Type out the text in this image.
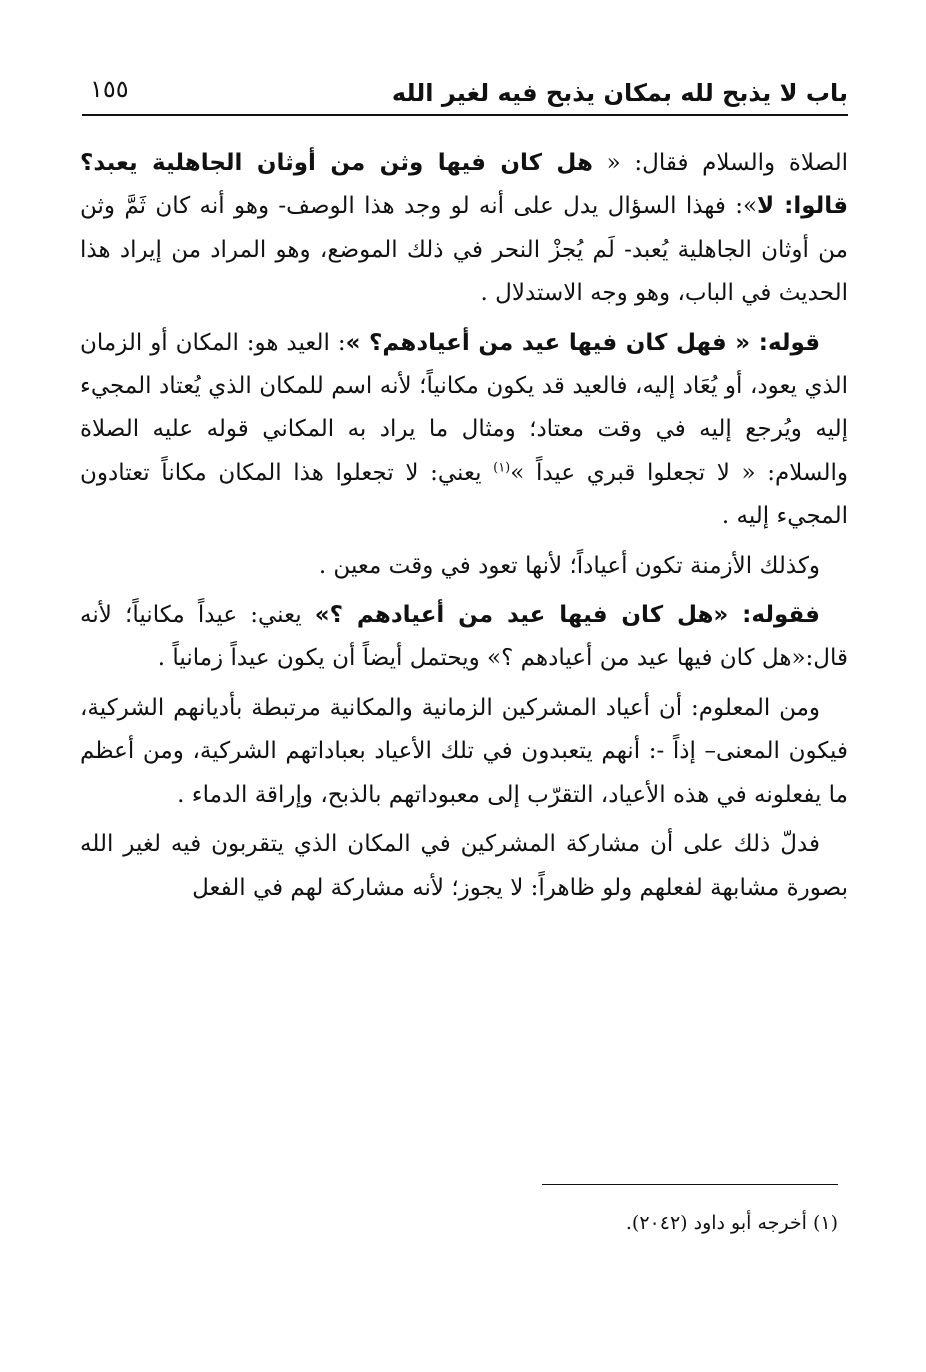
باب لا يذبح لله بمكان يذبح فيه لغير الله
١٥٥

الصلاة والسلام فقال: « هل كان فيها وثن من أوثان الجاهلية يعبد؟ قالوا: لا»: فهذا السؤال يدل على أنه لو وجد هذا الوصف- وهو أنه كان ثَمَّ وثن من أوثان الجاهلية يُعبد- لَم يُجزْ النحر في ذلك الموضع، وهو المراد من إيراد هذا الحديث في الباب، وهو وجه الاستدلال .

قوله: « فهل كان فيها عيد من أعيادهم؟ »: العيد هو: المكان أو الزمان الذي يعود، أو يُعَاد إليه، فالعيد قد يكون مكانياً؛ لأنه اسم للمكان الذي يُعتاد المجيء إليه ويُرجع إليه في وقت معتاد؛ ومثال ما يراد به المكاني قوله عليه الصلاة والسلام: « لا تجعلوا قبري عيداً »$^{(١)}$ يعني: لا تجعلوا هذا المكان مكاناً تعتادون المجيء إليه .

وكذلك الأزمنة تكون أعياداً؛ لأنها تعود في وقت معين .

فقوله: «هل كان فيها عيد من أعيادهم ؟» يعني: عيداً مكانياً؛ لأنه قال:«هل كان فيها عيد من أعيادهم ؟» ويحتمل أيضاً أن يكون عيداً زمانياً .

ومن المعلوم: أن أعياد المشركين الزمانية والمكانية مرتبطة بأديانهم الشركية، فيكون المعنى– إذاً -: أنهم يتعبدون في تلك الأعياد بعباداتهم الشركية، ومن أعظم ما يفعلونه في هذه الأعياد، التقرّب إلى معبوداتهم بالذبح، وإراقة الدماء .

فدلّ ذلك على أن مشاركة المشركين في المكان الذي يتقربون فيه لغير الله بصورة مشابهة لفعلهم ولو ظاهراً: لا يجوز؛ لأنه مشاركة لهم في الفعل

(١) أخرجه أبو داود (٢٠٤٢).
